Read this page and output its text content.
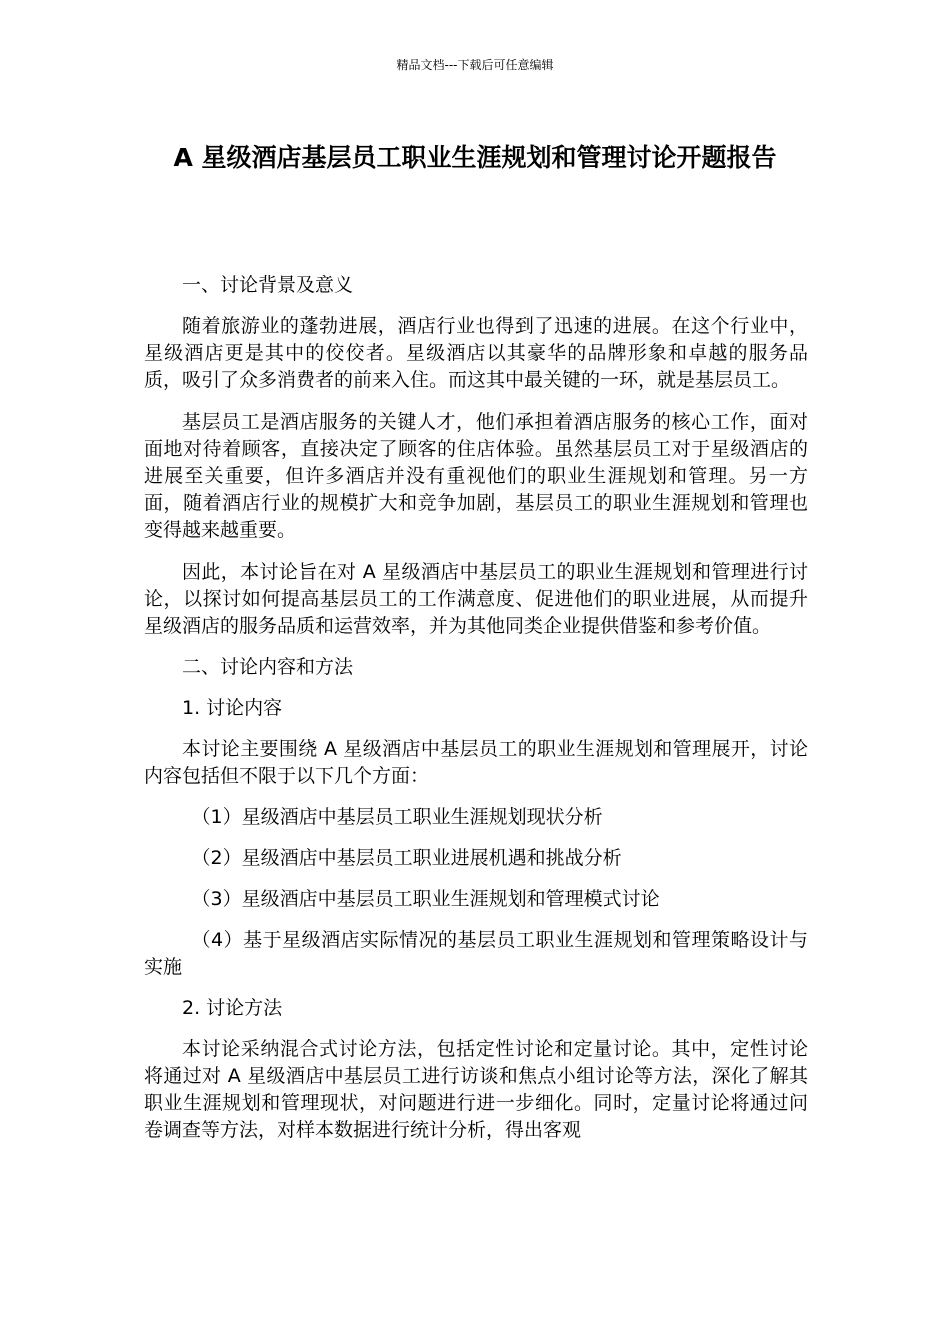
精品文档---下载后可任意编辑
A 星级酒店基层员工职业生涯规划和管理讨论开题报告

一、讨论背景及意义

随着旅游业的蓬勃进展，酒店行业也得到了迅速的进展。在这个行业中，星级酒店更是其中的佼佼者。星级酒店以其豪华的品牌形象和卓越的服务品质，吸引了众多消费者的前来入住。而这其中最关键的一环，就是基层员工。

基层员工是酒店服务的关键人才，他们承担着酒店服务的核心工作，面对面地对待着顾客，直接决定了顾客的住店体验。虽然基层员工对于星级酒店的进展至关重要，但许多酒店并没有重视他们的职业生涯规划和管理。另一方面，随着酒店行业的规模扩大和竞争加剧，基层员工的职业生涯规划和管理也变得越来越重要。

因此，本讨论旨在对 A 星级酒店中基层员工的职业生涯规划和管理进行讨论，以探讨如何提高基层员工的工作满意度、促进他们的职业进展，从而提升星级酒店的服务品质和运营效率，并为其他同类企业提供借鉴和参考价值。

二、讨论内容和方法

1. 讨论内容

本讨论主要围绕 A 星级酒店中基层员工的职业生涯规划和管理展开，讨论内容包括但不限于以下几个方面：

（1）星级酒店中基层员工职业生涯规划现状分析

（2）星级酒店中基层员工职业进展机遇和挑战分析

（3）星级酒店中基层员工职业生涯规划和管理模式讨论

（4）基于星级酒店实际情况的基层员工职业生涯规划和管理策略设计与实施

2. 讨论方法

本讨论采纳混合式讨论方法，包括定性讨论和定量讨论。其中，定性讨论将通过对 A 星级酒店中基层员工进行访谈和焦点小组讨论等方法，深化了解其职业生涯规划和管理现状，对问题进行进一步细化。同时，定量讨论将通过问卷调查等方法，对样本数据进行统计分析，得出客观
